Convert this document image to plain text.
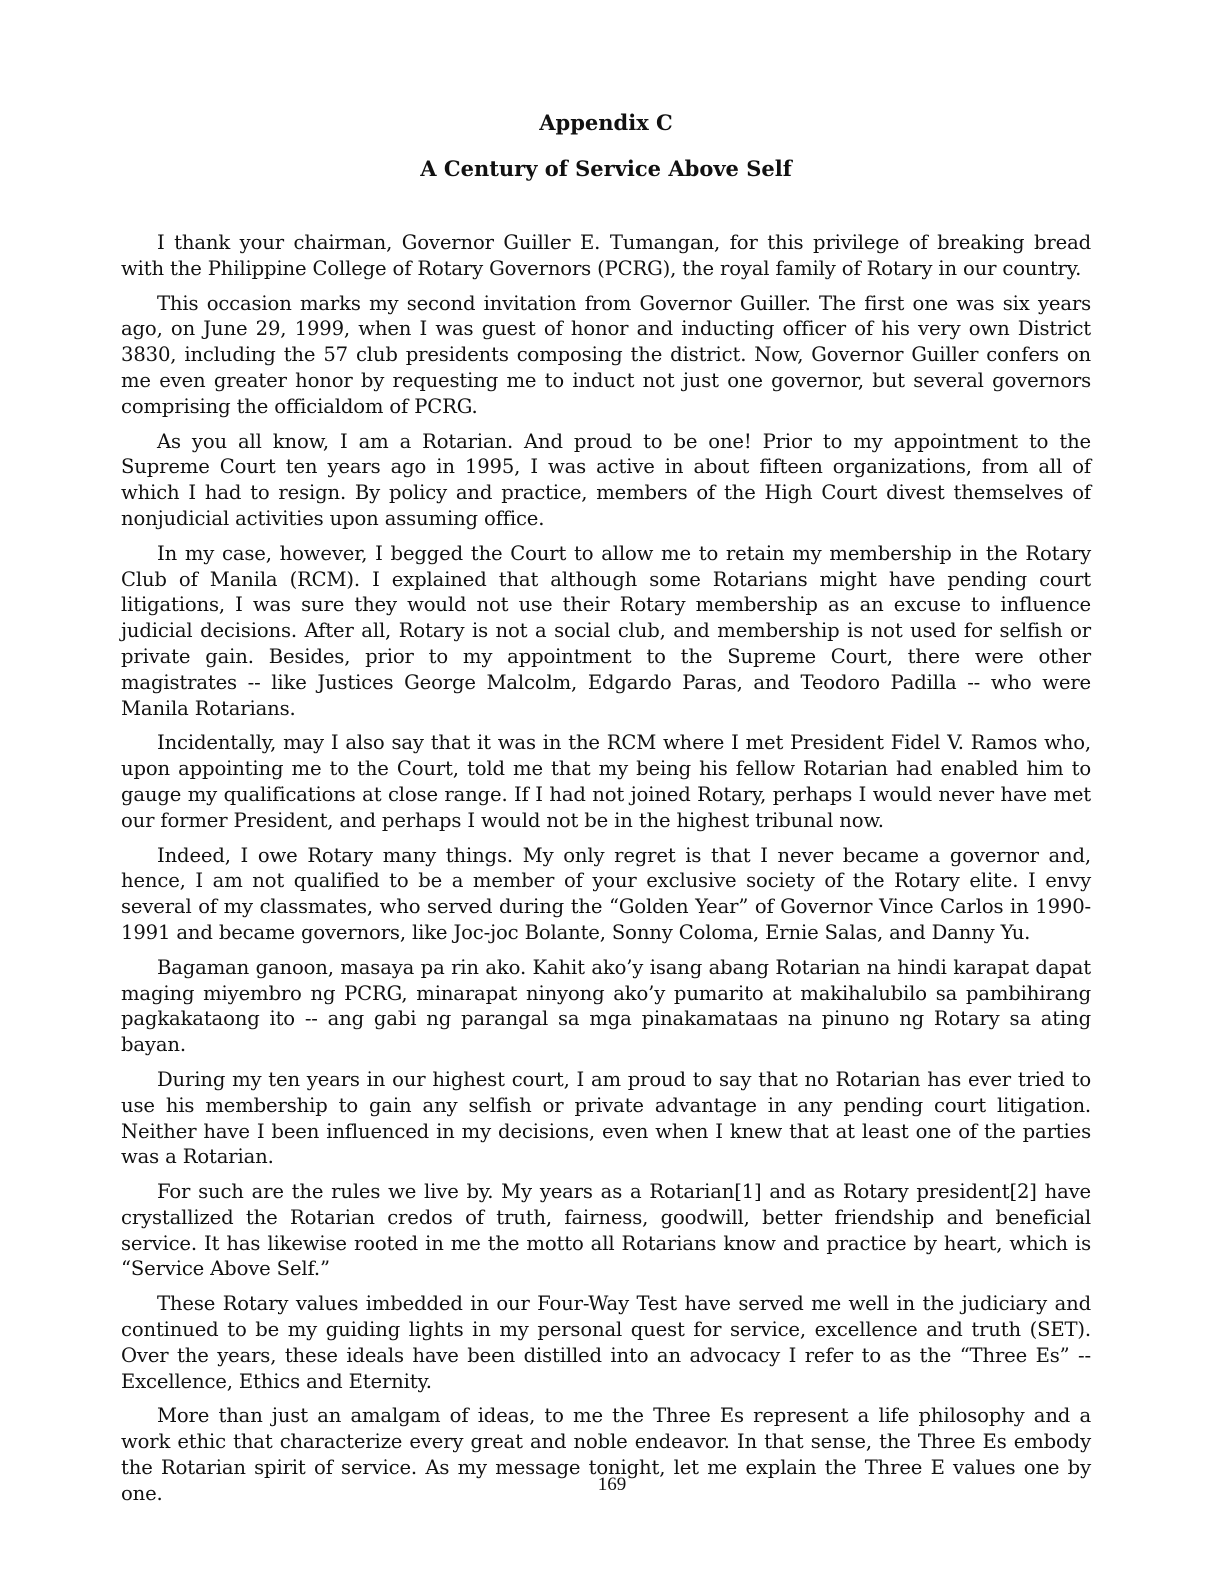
Appendix C
A Century of Service Above Self

I thank your chairman, Governor Guiller E. Tumangan, for this privilege of breaking bread with the Philippine College of Rotary Governors (PCRG), the royal family of Rotary in our country.

This occasion marks my second invitation from Governor Guiller. The first one was six years ago, on June 29, 1999, when I was guest of honor and inducting officer of his very own District 3830, including the 57 club presidents composing the district. Now, Governor Guiller confers on me even greater honor by requesting me to induct not just one governor, but several governors comprising the officialdom of PCRG.

As you all know, I am a Rotarian. And proud to be one! Prior to my appointment to the Supreme Court ten years ago in 1995, I was active in about fifteen organizations, from all of which I had to resign. By policy and practice, members of the High Court divest themselves of nonjudicial activities upon assuming office.

In my case, however, I begged the Court to allow me to retain my membership in the Rotary Club of Manila (RCM). I explained that although some Rotarians might have pending court litigations, I was sure they would not use their Rotary membership as an excuse to influence judicial decisions. After all, Rotary is not a social club, and membership is not used for selfish or private gain. Besides, prior to my appointment to the Supreme Court, there were other magistrates -- like Justices George Malcolm, Edgardo Paras, and Teodoro Padilla -- who were Manila Rotarians.

Incidentally, may I also say that it was in the RCM where I met President Fidel V. Ramos who, upon appointing me to the Court, told me that my being his fellow Rotarian had enabled him to gauge my qualifications at close range. If I had not joined Rotary, perhaps I would never have met our former President, and perhaps I would not be in the highest tribunal now.

Indeed, I owe Rotary many things. My only regret is that I never became a governor and, hence, I am not qualified to be a member of your exclusive society of the Rotary elite. I envy several of my classmates, who served during the “Golden Year” of Governor Vince Carlos in 1990-1991 and became governors, like Joc-joc Bolante, Sonny Coloma, Ernie Salas, and Danny Yu.

Bagaman ganoon, masaya pa rin ako. Kahit ako’y isang abang Rotarian na hindi karapat dapat maging miyembro ng PCRG, minarapat ninyong ako’y pumarito at makihalubilo sa pambihirang pagkakataong ito -- ang gabi ng parangal sa mga pinakamataas na pinuno ng Rotary sa ating bayan.

During my ten years in our highest court, I am proud to say that no Rotarian has ever tried to use his membership to gain any selfish or private advantage in any pending court litigation. Neither have I been influenced in my decisions, even when I knew that at least one of the parties was a Rotarian.

For such are the rules we live by. My years as a Rotarian[1] and as Rotary president[2] have crystallized the Rotarian credos of truth, fairness, goodwill, better friendship and beneficial service. It has likewise rooted in me the motto all Rotarians know and practice by heart, which is “Service Above Self.”

These Rotary values imbedded in our Four-Way Test have served me well in the judiciary and continued to be my guiding lights in my personal quest for service, excellence and truth (SET). Over the years, these ideals have been distilled into an advocacy I refer to as the “Three Es” -- Excellence, Ethics and Eternity.

More than just an amalgam of ideas, to me the Three Es represent a life philosophy and a work ethic that characterize every great and noble endeavor. In that sense, the Three Es embody the Rotarian spirit of service. As my message tonight, let me explain the Three E values one by one.	169
